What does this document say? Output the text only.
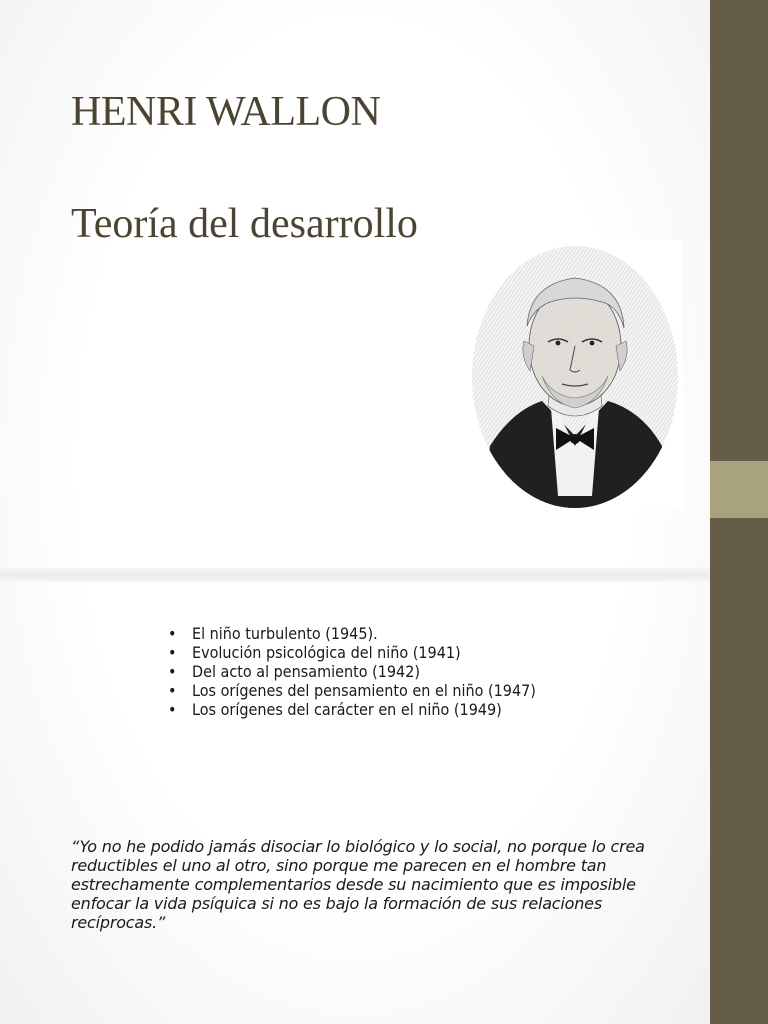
HENRI WALLON
Teoría del desarrollo
• El niño turbulento (1945).
• Evolución psicológica del niño (1941)
• Del acto al pensamiento (1942)
• Los orígenes del pensamiento en el niño (1947)
• Los orígenes del carácter en el niño (1949)

“Yo no he podido jamás disociar lo biológico y lo social, no porque lo crea reductibles el uno al otro, sino porque me parecen en el hombre tan estrechamente complementarios desde su nacimiento que es imposible enfocar la vida psíquica si no es bajo la formación de sus relaciones recíprocas.”
